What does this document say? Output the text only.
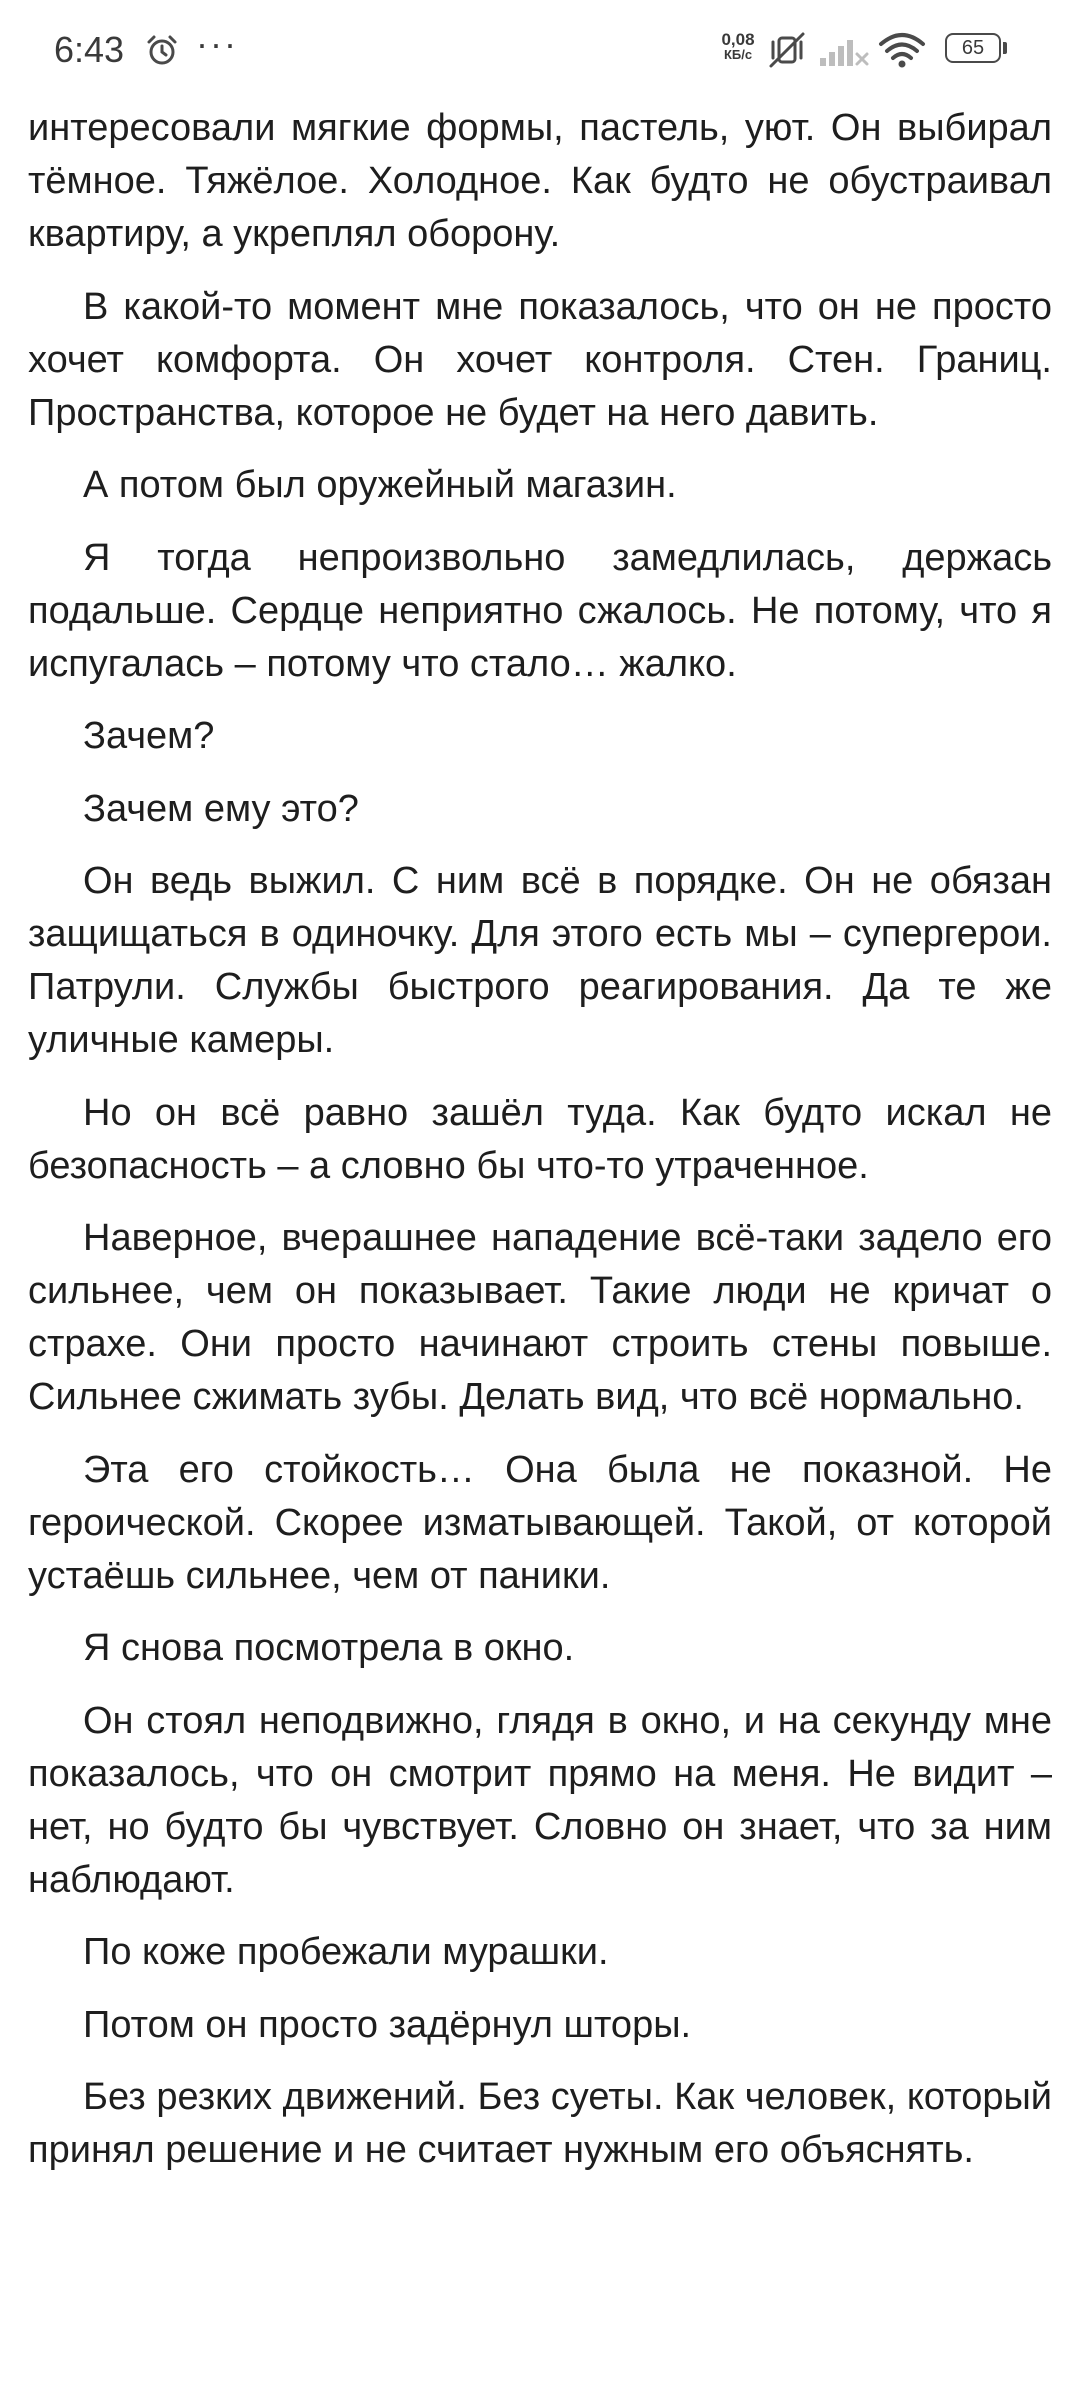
6:43 ···	0,08
КБ/с	65

интересовали мягкие формы, пастель, уют. Он выбирал тёмное. Тяжёлое. Холодное. Как будто не обустраивал квартиру, а укреплял оборону.

В какой-то момент мне показалось, что он не просто хочет комфорта. Он хочет контроля. Стен. Границ. Пространства, которое не будет на него давить.

А потом был оружейный магазин.

Я тогда непроизвольно замедлилась, держась подальше. Сердце неприятно сжалось. Не потому, что я испугалась – потому что стало… жалко.

Зачем?

Зачем ему это?

Он ведь выжил. С ним всё в порядке. Он не обязан защищаться в одиночку. Для этого есть мы – супергерои. Патрули. Службы быстрого реагирования. Да те же уличные камеры.

Но он всё равно зашёл туда. Как будто искал не безопасность – а словно бы что-то утраченное.

Наверное, вчерашнее нападение всё-таки задело его сильнее, чем он показывает. Такие люди не кричат о страхе. Они просто начинают строить стены повыше. Сильнее сжимать зубы. Делать вид, что всё нормально.

Эта его стойкость… Она была не показной. Не героической. Скорее изматывающей. Такой, от которой устаёшь сильнее, чем от паники.

Я снова посмотрела в окно.

Он стоял неподвижно, глядя в окно, и на секунду мне показалось, что он смотрит прямо на меня. Не видит – нет, но будто бы чувствует. Словно он знает, что за ним наблюдают.

По коже пробежали мурашки.

Потом он просто задёрнул шторы.

Без резких движений. Без суеты. Как человек, который принял решение и не считает нужным его объяснять.
